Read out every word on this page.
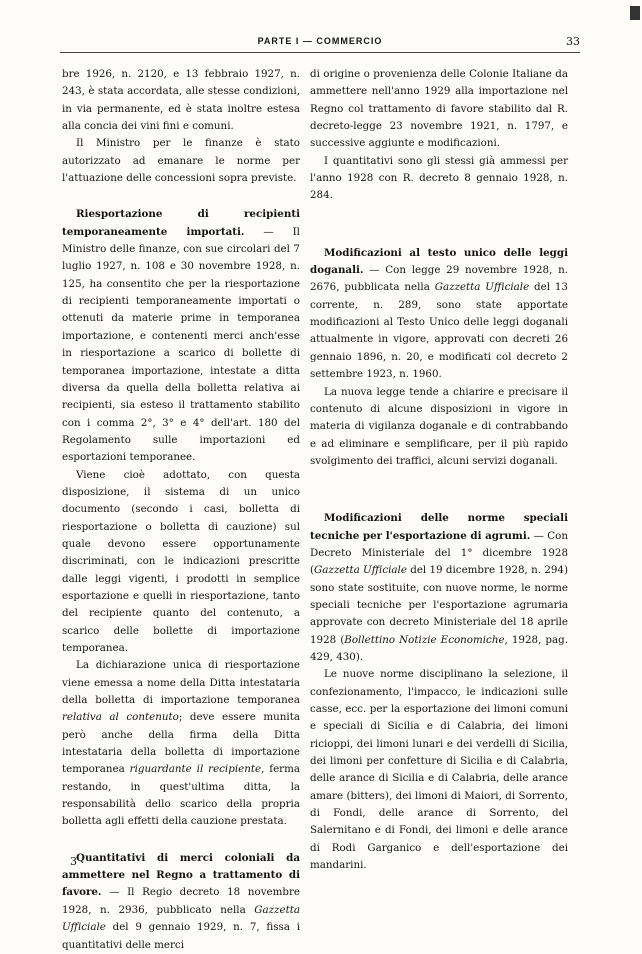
PARTE I — COMMERCIO	33

bre 1926, n. 2120, e 13 febbraio 1927, n. 243, è stata accordata, alle stesse condizioni, in via permanente, ed è stata inoltre estesa alla concia dei vini fini e comuni.

Il Ministro per le finanze è stato autorizzato ad emanare le norme per l'attuazione delle concessioni sopra previste.

Riesportazione di recipienti temporaneamente importati. — Il Ministro delle finanze, con sue circolari del 7 luglio 1927, n. 108 e 30 novembre 1928, n. 125, ha consentito che per la riesportazione di recipienti temporaneamente importati o ottenuti da materie prime in temporanea importazione, e contenenti merci anch'esse in riesportazione a scarico di bollette di temporanea importazione, intestate a ditta diversa da quella della bolletta relativa ai recipienti, sia esteso il trattamento stabilito con i comma 2°, 3° e 4° dell'art. 180 del Regolamento sulle importazioni ed esportazioni temporanee.

Viene cioè adottato, con questa disposizione, il sistema di un unico documento (secondo i casi, bolletta di riesportazione o bolletta di cauzione) sul quale devono essere opportunamente discriminati, con le indicazioni prescritte dalle leggi vigenti, i prodotti in semplice esportazione e quelli in riesportazione, tanto del recipiente quanto del contenuto, a scarico delle bollette di importazione temporanea.

La dichiarazione unica di riesportazione viene emessa a nome della Ditta intestataria della bolletta di importazione temporanea relativa al contenuto; deve essere munita però anche della firma della Ditta intestataria della bolletta di importazione temporanea riguardante il recipiente, ferma restando, in quest'ultima ditta, la responsabilità dello scarico della propria bolletta agli effetti della cauzione prestata.

Quantitativi di merci coloniali da ammettere nel Regno a trattamento di favore. — Il Regio decreto 18 novembre 1928, n. 2936, pubblicato nella Gazzetta Ufficiale del 9 gennaio 1929, n. 7, fissa i quantitativi delle merci

di origine o provenienza delle Colonie Italiane da ammettere nell'anno 1929 alla importazione nel Regno col trattamento di favore stabilito dal R. decreto-legge 23 novembre 1921, n. 1797, e successive aggiunte e modificazioni.

I quantitativi sono gli stessi già ammessi per l'anno 1928 con R. decreto 8 gennaio 1928, n. 284.

Modificazioni al testo unico delle leggi doganali. — Con legge 29 novembre 1928, n. 2676, pubblicata nella Gazzetta Ufficiale del 13 corrente, n. 289, sono state apportate modificazioni al Testo Unico delle leggi doganali attualmente in vigore, approvati con decreti 26 gennaio 1896, n. 20, e modificati col decreto 2 settembre 1923, n. 1960.

La nuova legge tende a chiarire e precisare il contenuto di alcune disposizioni in vigore in materia di vigilanza doganale e di contrabbando e ad eliminare e semplificare, per il più rapido svolgimento dei traffici, alcuni servizi doganali.

Modificazioni delle norme speciali tecniche per l'esportazione di agrumi. — Con Decreto Ministeriale del 1° dicembre 1928 (Gazzetta Ufficiale del 19 dicembre 1928, n. 294) sono state sostituite, con nuove norme, le norme speciali tecniche per l'esportazione agrumaria approvate con decreto Ministeriale del 18 aprile 1928 (Bollettino Notizie Economiche, 1928, pag. 429, 430).

Le nuove norme disciplinano la selezione, il confezionamento, l'impacco, le indicazioni sulle casse, ecc. per la esportazione dei limoni comuni e speciali di Sicilia e di Calabria, dei limoni ricioppi, dei limoni lunari e dei verdelli di Sicilia, dei limoni per confetture di Sicilia e di Calabria, delle arance di Sicilia e di Calabria, delle arance amare (bitters), dei limoni di Maiori, di Sorrento, di Fondi, delle arance di Sorrento, del Salernitano e di Fondi, dei limoni e delle arance di Rodi Garganico e dell'esportazione dei mandarini.

3
